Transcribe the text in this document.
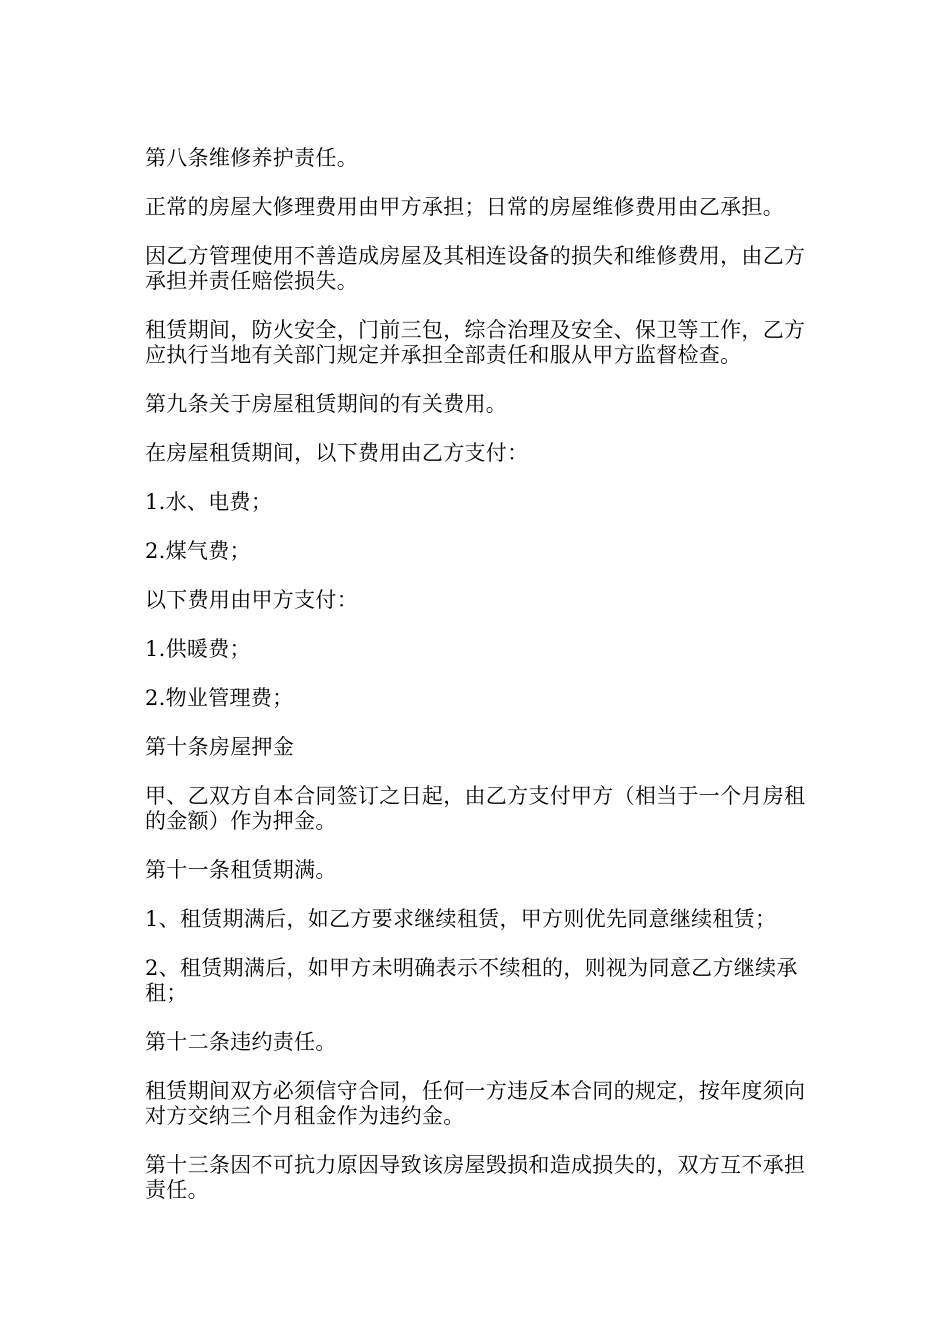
第八条维修养护责任。

正常的房屋大修理费用由甲方承担；日常的房屋维修费用由乙承担。

因乙方管理使用不善造成房屋及其相连设备的损失和维修费用，由乙方承担并责任赔偿损失。

租赁期间，防火安全，门前三包，综合治理及安全、保卫等工作，乙方应执行当地有关部门规定并承担全部责任和服从甲方监督检查。

第九条关于房屋租赁期间的有关费用。

在房屋租赁期间，以下费用由乙方支付：

1.水、电费；

2.煤气费；

以下费用由甲方支付：

1.供暖费；

2.物业管理费；

第十条房屋押金

甲、乙双方自本合同签订之日起，由乙方支付甲方（相当于一个月房租的金额）作为押金。

第十一条租赁期满。

1、租赁期满后，如乙方要求继续租赁，甲方则优先同意继续租赁；

2、租赁期满后，如甲方未明确表示不续租的，则视为同意乙方继续承租；

第十二条违约责任。

租赁期间双方必须信守合同，任何一方违反本合同的规定，按年度须向对方交纳三个月租金作为违约金。

第十三条因不可抗力原因导致该房屋毁损和造成损失的，双方互不承担责任。
